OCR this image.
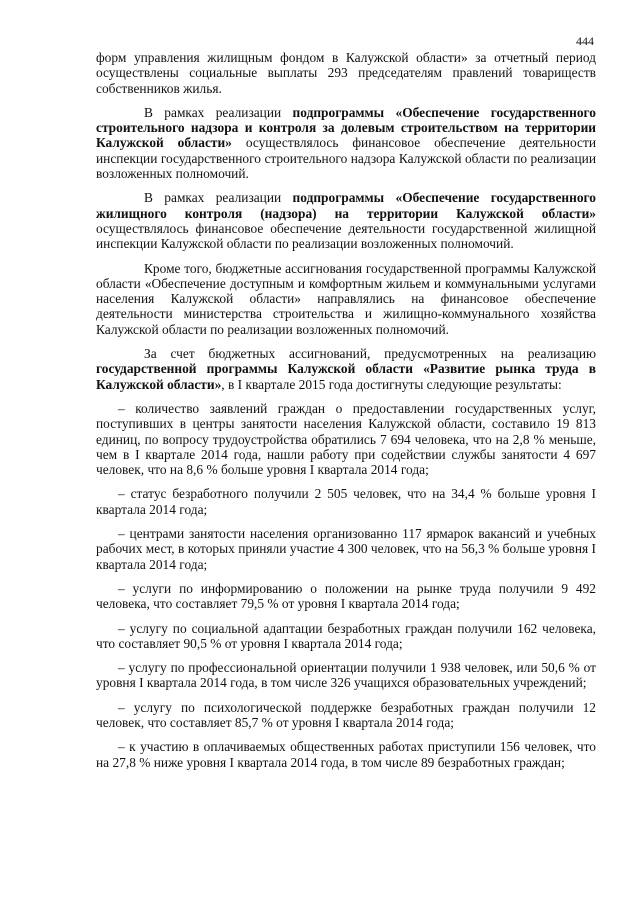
444

форм управления жилищным фондом в Калужской области» за отчетный период осуществлены социальные выплаты 293 председателям правлений товариществ собственников жилья.

В рамках реализации подпрограммы «Обеспечение государственного строительного надзора и контроля за долевым строительством на территории Калужской области» осуществлялось финансовое обеспечение деятельности инспекции государственного строительного надзора Калужской области по реализации возложенных полномочий.

В рамках реализации подпрограммы «Обеспечение государственного жилищного контроля (надзора) на территории Калужской области» осуществлялось финансовое обеспечение деятельности государственной жилищной инспекции Калужской области по реализации возложенных полномочий.

Кроме того, бюджетные ассигнования государственной программы Калужской области «Обеспечение доступным и комфортным жильем и коммунальными услугами населения Калужской области» направлялись на финансовое обеспечение деятельности министерства строительства и жилищно-коммунального хозяйства Калужской области по реализации возложенных полномочий.

За счет бюджетных ассигнований, предусмотренных на реализацию государственной программы Калужской области «Развитие рынка труда в Калужской области», в I квартале 2015 года достигнуты следующие результаты:

– количество заявлений граждан о предоставлении государственных услуг, поступивших в центры занятости населения Калужской области, составило 19 813 единиц, по вопросу трудоустройства обратились 7 694 человека, что на 2,8 % меньше, чем в I квартале 2014 года, нашли работу при содействии службы занятости 4 697 человек, что на 8,6 % больше уровня I квартала 2014 года;

– статус безработного получили 2 505 человек, что на 34,4 % больше уровня I квартала 2014 года;

– центрами занятости населения организованно 117 ярмарок вакансий и учебных рабочих мест, в которых приняли участие 4 300 человек, что на 56,3 % больше уровня I квартала 2014 года;

– услуги по информированию о положении на рынке труда получили 9 492 человека, что составляет 79,5 % от уровня I квартала 2014 года;

– услугу по социальной адаптации безработных граждан получили 162 человека, что составляет 90,5 % от уровня I квартала 2014 года;

– услугу по профессиональной ориентации получили 1 938 человек, или 50,6 % от уровня I квартала 2014 года, в том числе 326 учащихся образовательных учреждений;

– услугу по психологической поддержке безработных граждан получили 12 человек, что составляет 85,7 % от уровня I квартала 2014 года;

– к участию в оплачиваемых общественных работах приступили 156 человек, что на 27,8 % ниже уровня I квартала 2014 года, в том числе 89 безработных граждан;
